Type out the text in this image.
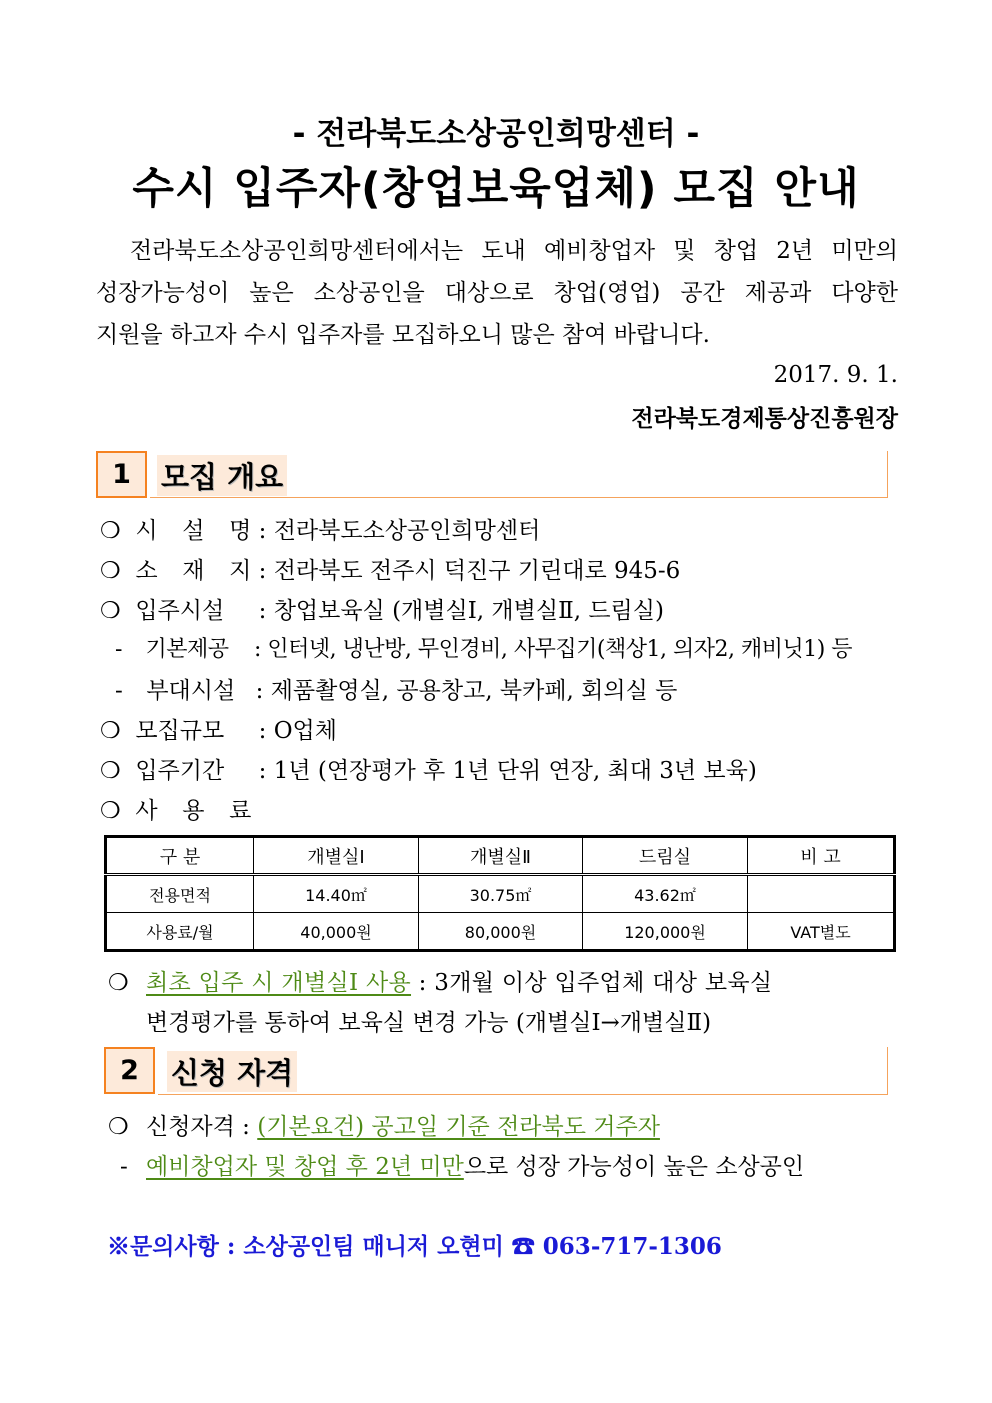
- 전라북도소상공인희망센터 -
수시 입주자(창업보육업체) 모집 안내
　전라북도소상공인희망센터에서는 도내 예비창업자 및 창업 2년 미만의
성장가능성이 높은 소상공인을 대상으로 창업(영업) 공간 제공과 다양한
지원을 하고자 수시 입주자를 모집하오니 많은 참여 바랍니다.
2017. 9. 1.
전라북도경제통상진흥원장
1	모집 개요
❍ 시 설 명 : 전라북도소상공인희망센터
❍ 소 재 지 : 전라북도 전주시 덕진구 기린대로 945-6
❍ 입주시설 : 창업보육실 (개별실Ⅰ, 개별실Ⅱ, 드림실)
- 기본제공 : 인터넷, 냉난방, 무인경비, 사무집기(책상1, 의자2, 캐비닛1) 등
- 부대시설 : 제품촬영실, 공용창고, 북카페, 회의실 등
❍ 모집규모 : O업체
❍ 입주기간 : 1년 (연장평가 후 1년 단위 연장, 최대 3년 보육)
❍ 사 용 료
구 분	개별실Ⅰ	개별실Ⅱ	드림실	비 고
전용면적	14.40㎡	30.75㎡	43.62㎡	
사용료/월	40,000원	80,000원	120,000원	VAT별도
❍ 최초 입주 시 개별실Ⅰ 사용 : 3개월 이상 입주업체 대상 보육실
변경평가를 통하여 보육실 변경 가능 (개별실Ⅰ→개별실Ⅱ)
2	신청 자격
❍ 신청자격 : (기본요건) 공고일 기준 전라북도 거주자
- 예비창업자 및 창업 후 2년 미만으로 성장 가능성이 높은 소상공인
※문의사항 : 소상공인팀 매니저 오현미 ☎ 063-717-1306
